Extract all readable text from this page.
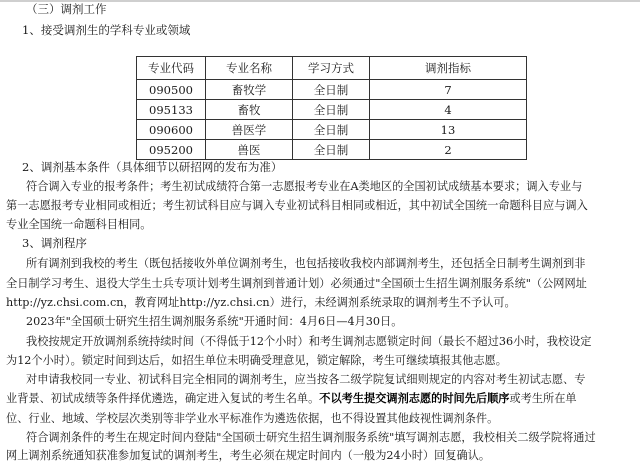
（三）调剂工作
1、接受调剂生的学科专业或领域
专业代码	专业名称	学习方式	调剂指标
090500	畜牧学	全日制	7
095133	畜牧	全日制	4
090600	兽医学	全日制	13
095200	兽医	全日制	2
2、调剂基本条件（具体细节以研招网的发布为准）
符合调入专业的报考条件；考生初试成绩符合第一志愿报考专业在A类地区的全国初试成绩基本要求；调入专业与
第一志愿报考专业相同或相近；考生初试科目应与调入专业初试科目相同或相近，其中初试全国统一命题科目应与调入
专业全国统一命题科目相同。
3、调剂程序
所有调剂到我校的考生（既包括接收外单位调剂考生，也包括接收我校内部调剂考生，还包括全日制考生调剂到非
全日制学习考生、退役大学生士兵专项计划考生调剂到普通计划）必须通过"全国硕士生招生调剂服务系统"（公网网址
http://yz.chsi.com.cn，教育网址http://yz.chsi.cn）进行，未经调剂系统录取的调剂考生不予认可。
2023年"全国硕士研究生招生调剂服务系统"开通时间：4月6日—4月30日。
我校按规定开放调剂系统持续时间（不得低于12个小时）和考生调剂志愿锁定时间（最长不超过36小时，我校设定
为12个小时）。锁定时间到达后，如招生单位未明确受理意见，锁定解除，考生可继续填报其他志愿。
对申请我校同一专业、初试科目完全相同的调剂考生，应当按各二级学院复试细则规定的内容对考生初试志愿、专
业背景、初试成绩等条件择优遴选，确定进入复试的考生名单。不以考生提交调剂志愿的时间先后顺序或考生所在单
位、行业、地域、学校层次类别等非学业水平标准作为遴选依据，也不得设置其他歧视性调剂条件。
符合调剂条件的考生在规定时间内登陆"全国硕士研究生招生调剂服务系统"填写调剂志愿，我校相关二级学院将通过
网上调剂系统通知获准参加复试的调剂考生，考生必须在规定时间内（一般为24小时）回复确认。
